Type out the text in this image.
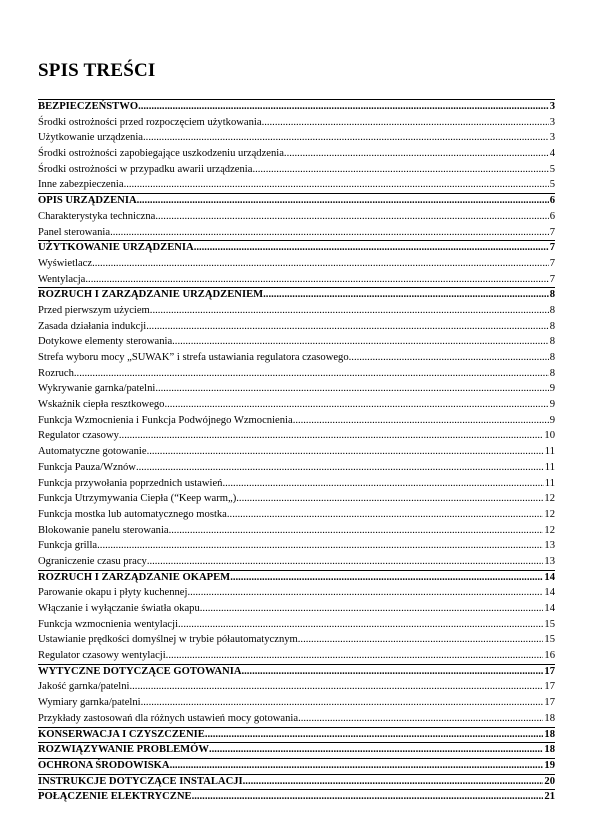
SPIS TREŚCI
BEZPIECZEŃSTWO .....	3
Środki ostrożności przed rozpoczęciem użytkowania .....	3
Użytkowanie urządzenia .....	3
Środki ostrożności zapobiegające uszkodzeniu urządzenia .....	4
Środki ostrożności w przypadku awarii urządzenia .....	5
Inne zabezpieczenia .....	5
OPIS URZĄDZENIA .....	6
Charakterystyka techniczna .....	6
Panel sterowania .....	7
UŻYTKOWANIE URZĄDZENIA .....	7
Wyświetlacz .....	7
Wentylacja .....	7
ROZRUCH I ZARZĄDZANIE URZĄDZENIEM .....	8
Przed pierwszym użyciem .....	8
Zasada działania indukcji .....	8
Dotykowe elementy sterowania .....	8
Strefa wyboru mocy „SUWAK” i strefa ustawiania regulatora czasowego .....	8
Rozruch .....	8
Wykrywanie garnka/patelni .....	9
Wskaźnik ciepła resztkowego .....	9
Funkcja Wzmocnienia i Funkcja Podwójnego Wzmocnienia .....	9
Regulator czasowy .....	10
Automatyczne gotowanie .....	11
Funkcja Pauza/Wznów .....	11
Funkcja przywołania poprzednich ustawień .....	11
Funkcja Utrzymywania Ciepła (“Keep warm„) .....	12
Funkcja mostka lub automatycznego mostka .....	12
Blokowanie panelu sterowania .....	12
Funkcja grilla .....	13
Ograniczenie czasu pracy .....	13
ROZRUCH I ZARZĄDZANIE OKAPEM .....	14
Parowanie okapu i płyty kuchennej .....	14
Włączanie i wyłączanie światła okapu .....	14
Funkcja wzmocnienia wentylacji .....	15
Ustawianie prędkości domyślnej w trybie półautomatycznym .....	15
Regulator czasowy wentylacji .....	16
WYTYCZNE DOTYCZĄCE GOTOWANIA .....	17
Jakość garnka/patelni .....	17
Wymiary garnka/patelni .....	17
Przykłady zastosowań dla różnych ustawień mocy gotowania .....	18
KONSERWACJA I CZYSZCZENIE .....	18
ROZWIĄZYWANIE PROBLEMÓW .....	18
OCHRONA ŚRODOWISKA .....	19
INSTRUKCJE DOTYCZĄCE INSTALACJI .....	20
POŁĄCZENIE ELEKTRYCZNE .....	21
